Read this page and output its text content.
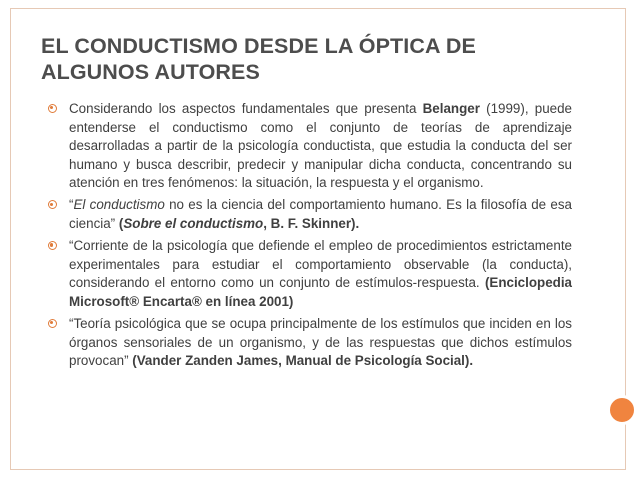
EL CONDUCTISMO DESDE LA ÓPTICA DE
ALGUNOS AUTORES
Considerando los aspectos fundamentales que presenta Belanger (1999), puede entenderse el conductismo como el conjunto de teorías de aprendizaje desarrolladas a partir de la psicología conductista, que estudia la conducta del ser humano y busca describir, predecir y manipular dicha conducta, concentrando su atención en tres fenómenos: la situación, la respuesta y el organismo.
“El conductismo no es la ciencia del comportamiento humano. Es la filosofía de esa ciencia” (Sobre el conductismo, B. F. Skinner).
“Corriente de la psicología que defiende el empleo de procedimientos estrictamente experimentales para estudiar el comportamiento observable (la conducta), considerando el entorno como un conjunto de estímulos-respuesta. (Enciclopedia Microsoft® Encarta® en línea 2001)
“Teoría psicológica que se ocupa principalmente de los estímulos que inciden en los órganos sensoriales de un organismo, y de las respuestas que dichos estímulos provocan” (Vander Zanden James, Manual de Psicología Social).
